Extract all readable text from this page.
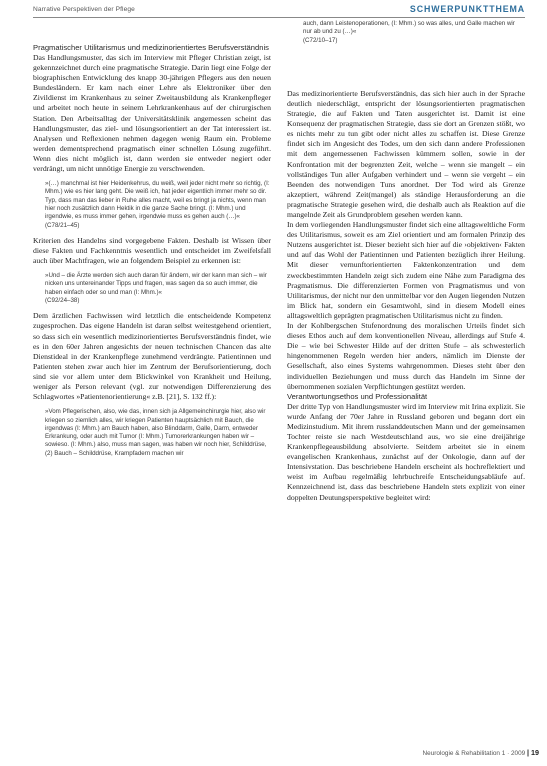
Narrative Perspektiven der Pflege	SCHWERPUNKTTHEMA

Pragmatischer Utilitarismus und medizinorientiertes Berufsverständnis

Das Handlungsmuster, das sich im Interview mit Pfleger Christian zeigt, ist gekennzeichnet durch eine pragmatische Strategie. Darin liegt eine Folge der biographischen Entwicklung des knapp 30-jährigen Pflegers aus den neuen Bundesländern. Er kam nach einer Lehre als Elektroniker über den Zivildienst im Krankenhaus zu seiner Zweitausbildung als Krankenpfleger und arbeitet noch heute in seinem Lehrkrankenhaus auf der chirurgischen Station. Den Arbeitsalltag der Universitätsklinik angemessen scheint das Handlungsmuster, das ziel- und lösungsorientiert an der Tat interessiert ist. Analysen und Reflexionen nehmen dagegen wenig Raum ein. Probleme werden dementsprechend pragmatisch einer schnellen Lösung zugeführt. Wenn dies nicht möglich ist, dann werden sie entweder negiert oder verdrängt, um nicht unnötige Energie zu verschwenden.

»(…) manchmal ist hier Heidenkehrus, du weiß, weil jeder nicht mehr so richtig, (I: Mhm.) wie es hier lang geht. Die weiß ich, hat jeder eigentlich immer mehr so dir. Typ, dass man das lieber in Ruhe alles macht, weil es bringt ja nichts, wenn man hier noch zusätzlich dann Hektik in die ganze Sache bringt. (I: Mhm.) und irgendwie, es muss immer gehen, irgendwie muss es gehen auch (…)«
(C78/21–45)

Kriterien des Handelns sind vorgegebene Fakten. Deshalb ist Wissen über diese Fakten und Fachkenntnis wesentlich und entscheidet im Zweifelsfall auch über Machtfragen, wie an folgendem Beispiel zu erkennen ist:

»Und – die Ärzte werden sich auch daran für ändern, wir der kann man sich – wir nicken uns untereinander Tipps und fragen, was sagen da so auch immer, die haben einfach oder so und man (I: Mhm.)«
(C92/24–38)

Dem ärztlichen Fachwissen wird letztlich die entscheidende Kompetenz zugesprochen. Das eigene Handeln ist daran selbst weitestgehend orientiert, so dass sich ein wesentlich medizinorientiertes Berufsverständnis findet, wie es in den 60er Jahren angesichts der neuen technischen Chancen das alte Dienstideal in der Krankenpflege zunehmend verdrängte. Patientinnen und Patienten stehen zwar auch hier im Zentrum der Berufsorientierung, doch sind sie vor allem unter dem Blickwinkel von Krankheit und Heilung, weniger als Person relevant (vgl. zur notwendigen Differenzierung des Schlagwortes »Patientenorientierung« z.B. [21], S. 132 ff.):

»Vom Pflegerischen, also, wie das, innen sich ja Allgemeinchirurgie hier, also wir kriegen so ziemlich alles, wir kriegen Patienten hauptsächlich mit Bauch, die irgendwas (I: Mhm.) am Bauch haben, also Blinddarm, Galle, Darm, entweder Erkrankung, oder auch mit Tumor (I: Mhm.) Tumorerkrankungen haben wir – sowieso. (I: Mhm.) also, muss man sagen, was haben wir noch hier, Schilddrüse, (2) Bauch – Schilddrüse, Krampfadern machen wir
auch, dann Leistenoperationen, (I: Mhm.) so was alles, und Galle machen wir nur ab und zu (…)«
(C72/10–17)

Das medizinorientierte Berufsverständnis, das sich hier auch in der Sprache deutlich niederschlägt, entspricht der lösungsorientierten pragmatischen Strategie, die auf Fakten und Taten ausgerichtet ist. Damit ist eine Konsequenz der pragmatischen Strategie, dass sie dort an Grenzen stößt, wo es nichts mehr zu tun gibt oder nicht alles zu schaffen ist. Diese Grenze findet sich im Angesicht des Todes, um den sich dann andere Professionen mit dem angemessenen Fachwissen kümmern sollen, sowie in der Konfrontation mit der begrenzten Zeit, welche – wenn sie mangelt – ein vollständiges Tun aller Aufgaben verhindert und – wenn sie vergeht – ein Beenden des notwendigen Tuns anordnet. Der Tod wird als Grenze akzeptiert, während Zeit(mangel) als ständige Herausforderung an die pragmatische Strategie gesehen wird, die deshalb auch als Reaktion auf die mangelnde Zeit als Grundproblem gesehen werden kann.

In dem vorliegenden Handlungsmuster findet sich eine alltagsweltliche Form des Utilitarismus, soweit es am Ziel orientiert und am formalen Prinzip des Nutzens ausgerichtet ist. Dieser bezieht sich hier auf die ›objektiven‹ Fakten und auf das Wohl der Patientinnen und Patienten bezüglich ihrer Heilung. Mit dieser vernunftorientierten Faktenkonzentration und dem zweckbestimmten Handeln zeigt sich zudem eine Nähe zum Paradigma des Pragmatismus. Die differenzierten Formen von Pragmatismus und von Utilitarismus, der nicht nur den unmittelbar vor den Augen liegenden Nutzen im Blick hat, sondern ein Gesamtwohl, sind in diesem Modell eines alltagsweltlich geprägten pragmatischen Utilitarismus nicht zu finden.

In der Kohlbergschen Stufenordnung des moralischen Urteils findet sich dieses Ethos auch auf dem konventionellen Niveau, allerdings auf Stufe 4. Die – wie bei Schwester Hilde auf der dritten Stufe – als schwesterlich hingenommenen Regeln werden hier anders, nämlich im Dienste der Gesellschaft, also eines Systems wahrgenommen. Dieses steht über den individuellen Beziehungen und muss durch das Handeln im Sinne der übernommenen sozialen Verpflichtungen gestützt werden.

Verantwortungsethos und Professionalität

Der dritte Typ von Handlungsmuster wird im Interview mit Irina explizit. Sie wurde Anfang der 70er Jahre in Russland geboren und begann dort ein Medizinstudium. Mit ihrem russlanddeutschen Mann und der gemeinsamen Tochter reiste sie nach Westdeutschland aus, wo sie eine dreijährige Krankenpflegeausbildung absolvierte. Seitdem arbeitet sie in einem evangelischen Krankenhaus, zunächst auf der Onkologie, dann auf der Intensivstation. Das beschriebene Handeln erscheint als hochreflektiert und weist im Aufbau regelmäßig lehrbuchreife Entscheidungsabläufe auf. Kennzeichnend ist, dass das beschriebene Handeln stets explizit von einer doppelten Deutungsperspektive begleitet wird:

Neurologie & Rehabilitation 1 · 2009 | 19
